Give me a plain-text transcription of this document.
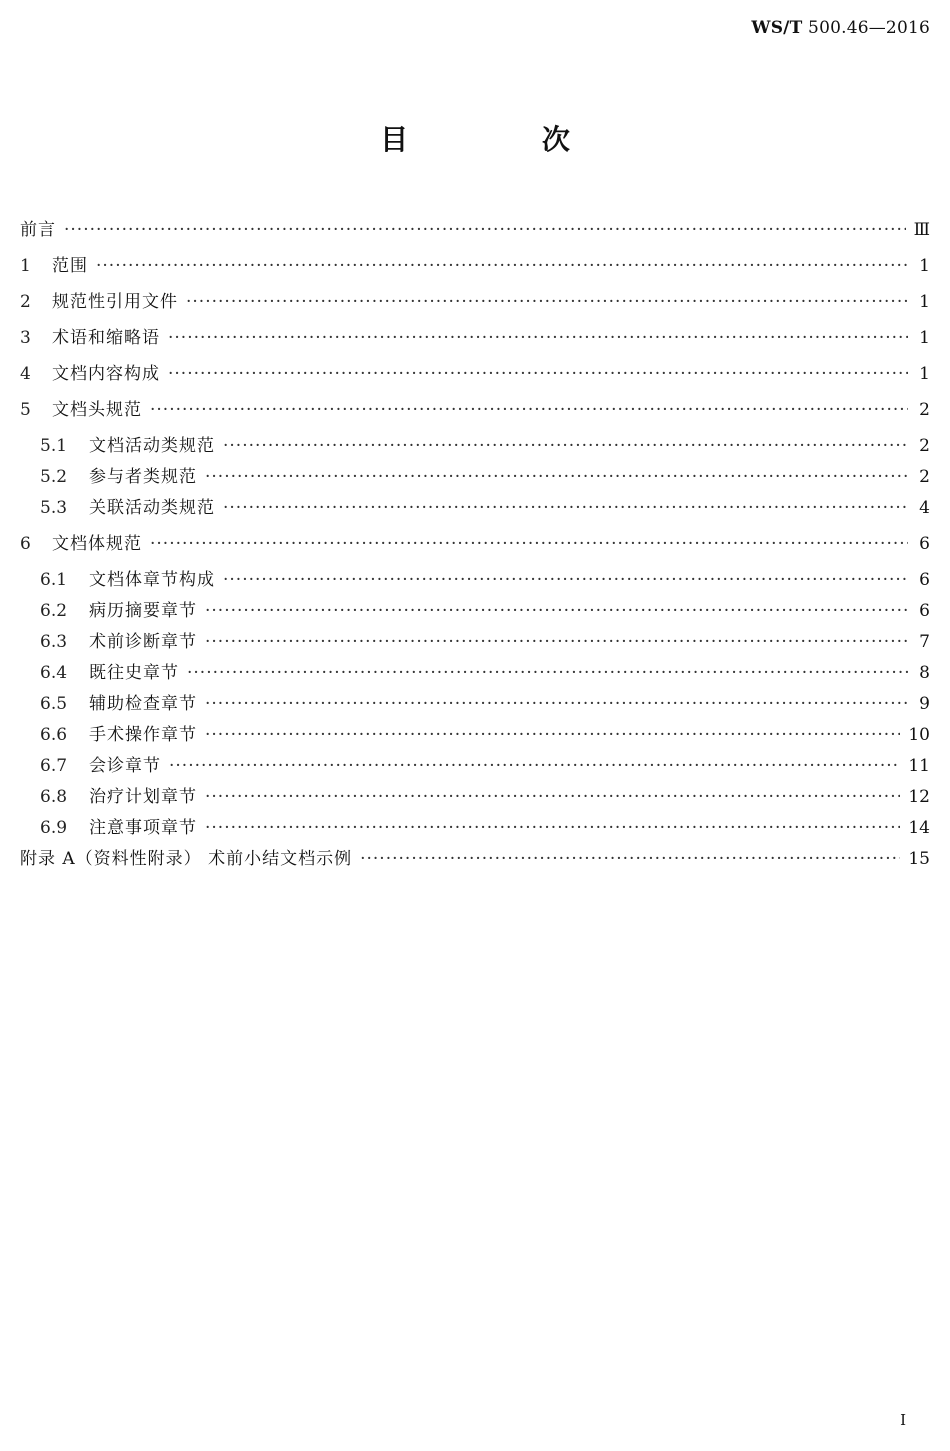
WS/T 500.46—2016
目 次
前言 ·····	Ⅲ
1	范围 ·····	1
2	规范性引用文件 ·····	1
3	术语和缩略语 ·····	1
4	文档内容构成 ·····	1
5	文档头规范 ·····	2
5.1	文档活动类规范 ·····	2
5.2	参与者类规范 ·····	2
5.3	关联活动类规范 ·····	4
6	文档体规范 ·····	6
6.1	文档体章节构成 ·····	6
6.2	病历摘要章节 ·····	6
6.3	术前诊断章节 ·····	7
6.4	既往史章节 ·····	8
6.5	辅助检查章节 ·····	9
6.6	手术操作章节 ·····	10
6.7	会诊章节 ·····	11
6.8	治疗计划章节 ·····	12
6.9	注意事项章节 ·····	14
附录 A（资料性附录） 术前小结文档示例 ·····	15
I
